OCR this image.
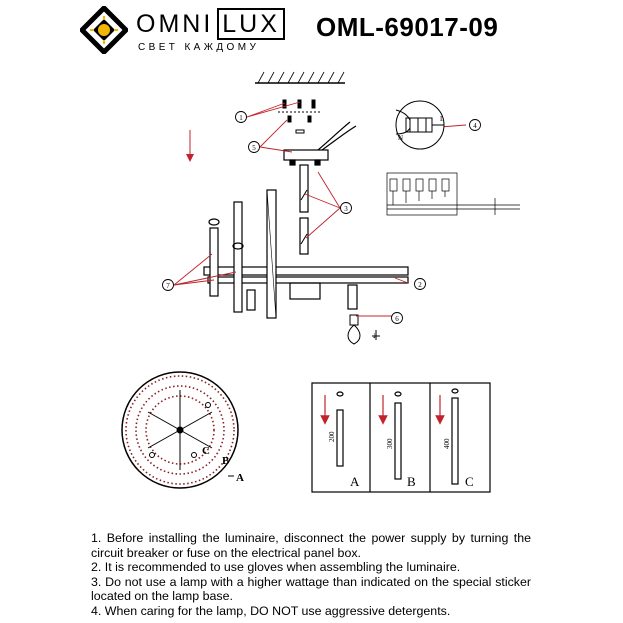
OMNI LUX
СВЕТ КАЖДОМУ
OML-69017-09
↓
1
2
3
4
5
6
7
L
N
A
B
C
200
300	400
A	B	C

1. Before installing the luminaire, disconnect the power supply by turning the circuit breaker or fuse on the electrical panel box.

2. It is recommended to use gloves when assembling the luminaire.

3. Do not use a lamp with a higher wattage than indicated on the special sticker located on the lamp base.

4. When caring for the lamp, DO NOT use aggressive detergents.
